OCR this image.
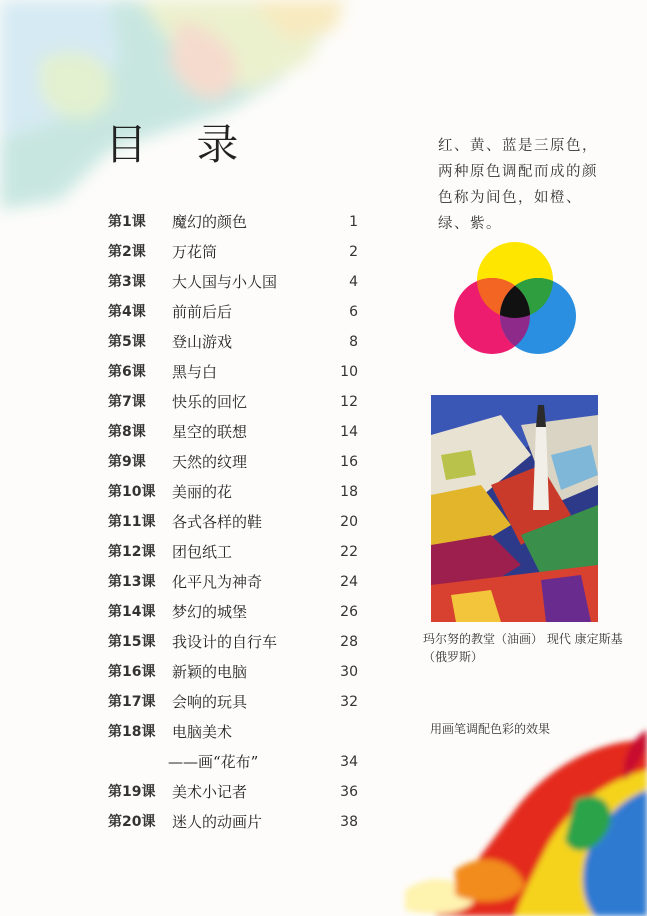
目 录
第1课 魔幻的颜色	1
第2课 万花筒	2
第3课 大人国与小人国	4
第4课 前前后后	6
第5课 登山游戏	8
第6课 黑与白	10
第7课 快乐的回忆	12
第8课 星空的联想	14
第9课 天然的纹理	16
第10课 美丽的花	18
第11课 各式各样的鞋	20
第12课 团包纸工	22
第13课 化平凡为神奇	24
第14课 梦幻的城堡	26
第15课 我设计的自行车	28
第16课 新颖的电脑	30
第17课 会响的玩具	32
第18课 电脑美术
——画“花布”	34
第19课 美术小记者	36
第20课 迷人的动画片	38
红、黄、蓝是三原色，两种原色调配而成的颜色称为间色，如橙、绿、紫。
玛尔努的教堂（油画） 现代 康定斯基（俄罗斯）
用画笔调配色彩的效果
